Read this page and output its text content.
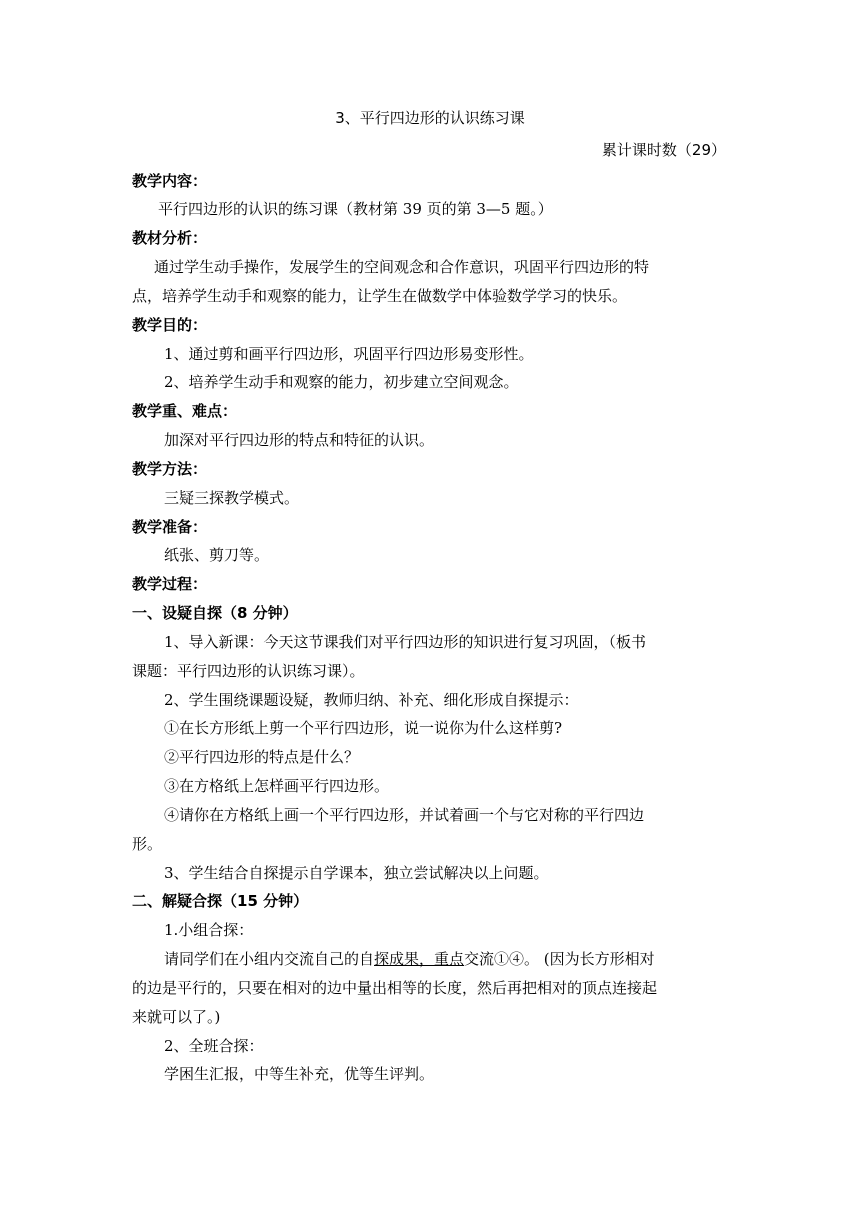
3、平行四边形的认识练习课
累计课时数（29）
教学内容：
平行四边形的认识的练习课（教材第 39 页的第 3—5 题。）
教材分析：
通过学生动手操作，发展学生的空间观念和合作意识，巩固平行四边形的特
点，培养学生动手和观察的能力，让学生在做数学中体验数学学习的快乐。
教学目的：
1、通过剪和画平行四边形，巩固平行四边形易变形性。
2、培养学生动手和观察的能力，初步建立空间观念。
教学重、难点：
加深对平行四边形的特点和特征的认识。
教学方法：
三疑三探教学模式。
教学准备：
纸张、剪刀等。
教学过程：
一、设疑自探（8 分钟）
1、导入新课：今天这节课我们对平行四边形的知识进行复习巩固，（板书
课题：平行四边形的认识练习课）。
2、学生围绕课题设疑，教师归纳、补充、细化形成自探提示：
①在长方形纸上剪一个平行四边形，说一说你为什么这样剪?
②平行四边形的特点是什么？
③在方格纸上怎样画平行四边形。
④请你在方格纸上画一个平行四边形，并试着画一个与它对称的平行四边
形。
3、学生结合自探提示自学课本，独立尝试解决以上问题。
二、解疑合探（15 分钟）
1.小组合探：
请同学们在小组内交流自己的自探成果，重点交流①④。 (因为长方形相对
的边是平行的，只要在相对的边中量出相等的长度，然后再把相对的顶点连接起
来就可以了。)
2、全班合探：
学困生汇报，中等生补充，优等生评判。
